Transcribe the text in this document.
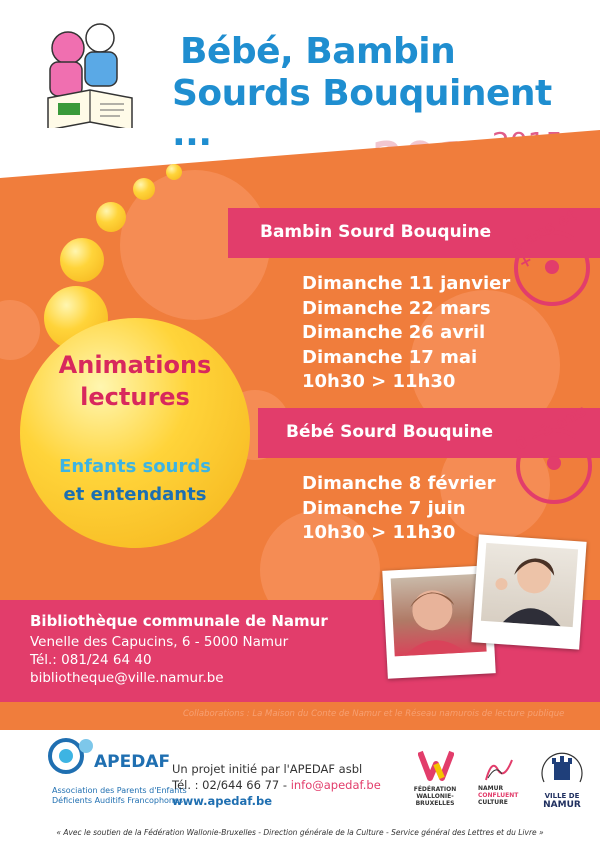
Bébé, Bambin
Sourds Bouquinent ...
Animations
lectures
Enfants sourds
et entendants
Bambin Sourd Bouquine 4 ans et +
Dimanche 11 janvier
Dimanche 22 mars
Dimanche 26 avril
Dimanche 17 mai
10h30 > 11h30
Bébé Sourd Bouquine 0 - 3 ans
Dimanche 8 février
Dimanche 7 juin
10h30 > 11h30
Bibliothèque communale de Namur
Venelle des Capucins, 6 - 5000 Namur
Tél.: 081/24 64 40
bibliotheque@ville.namur.be
Collaborations : La Maison du Conte de Namur et le Réseau namurois de lecture publique
APEDAF
Association des Parents d'Enfants
Déficients Auditifs Francophones
Un projet initié par l'APEDAF asbl
Tél. : 02/644 66 77 - info@apedaf.be
www.apedaf.be
FÉDÉRATION
WALLONIE-BRUXELLES
NAMUR
CONFLUENT
CULTURE
VILLE DE
NAMUR
« Avec le soutien de la Fédération Wallonie-Bruxelles - Direction générale de la Culture - Service général des Lettres et du Livre »
